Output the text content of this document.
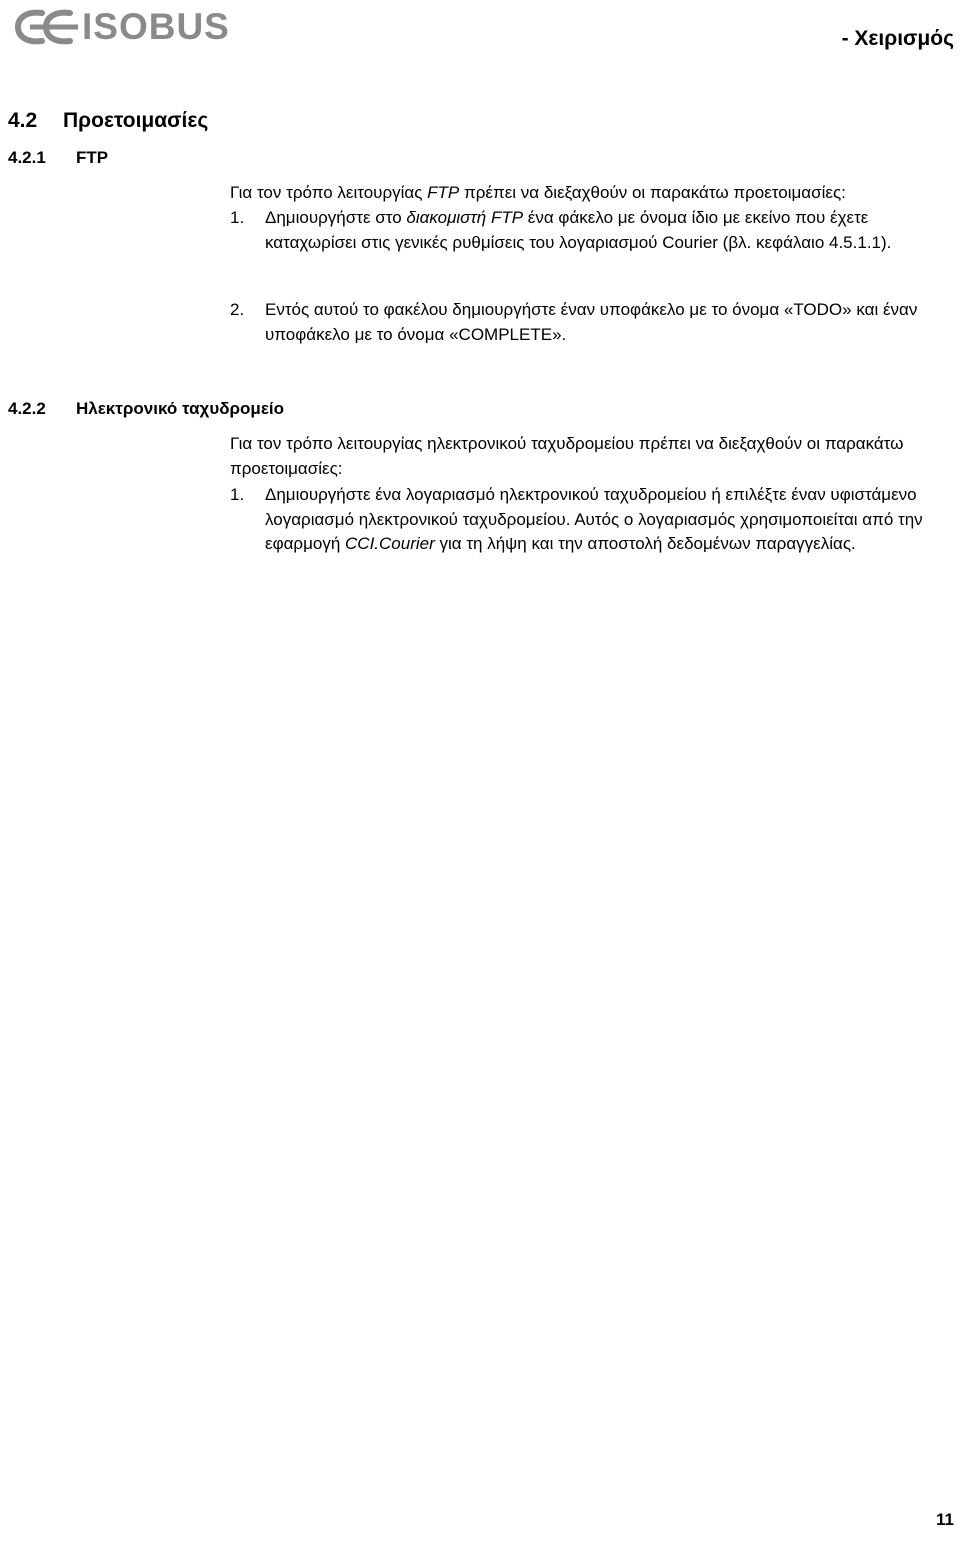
ISOBUS	- Χειρισμός
4.2 Προετοιμασίες
4.2.1 FTP
Για τον τρόπο λειτουργίας FTP πρέπει να διεξαχθούν οι παρακάτω προετοιμασίες:
1. Δημιουργήστε στο διακομιστή FTP ένα φάκελο με όνομα ίδιο με εκείνο που έχετε καταχωρίσει στις γενικές ρυθμίσεις του λογαριασμού Courier (βλ. κεφάλαιο 4.5.1.1).
2. Εντός αυτού το φακέλου δημιουργήστε έναν υποφάκελο με το όνομα «TODO» και έναν υποφάκελο με το όνομα «COMPLETE».
4.2.2 Ηλεκτρονικό ταχυδρομείο
Για τον τρόπο λειτουργίας ηλεκτρονικού ταχυδρομείου πρέπει να διεξαχθούν οι παρακάτω προετοιμασίες:
1. Δημιουργήστε ένα λογαριασμό ηλεκτρονικού ταχυδρομείου ή επιλέξτε έναν υφιστάμενο λογαριασμό ηλεκτρονικού ταχυδρομείου. Αυτός ο λογαριασμός χρησιμοποιείται από την εφαρμογή CCI.Courier για τη λήψη και την αποστολή δεδομένων παραγγελίας.
11
